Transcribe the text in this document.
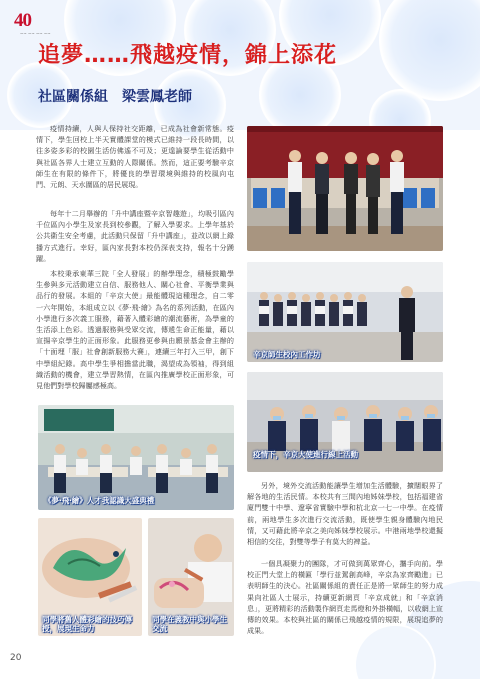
40
~~ ~~ ~~ ~~
追夢……飛越疫情，錦上添花
社區關係組　梁雲鳳老師

疫情持續，人與人保持社交距離，已成為社會新常態。疫情下，學生回校上半天實體課堂的模式已維持一段長時間，以往多姿多彩的校園生活仿佛遙不可及；更遑論要學生從活動中與社區各界人士建立互動的人際關係。然而，這正要考驗辛京師生在有限的條件下，將優良的學習環境與維持的校風向屯門、元朗、天水圍區的居民展現。

每年十二月舉辦的「升中講座暨辛京智趣遊」，均吸引區內千位區內小學生及家長到校參觀，了解入學要求。上學年基於公共衞生安全考慮，此活動只保留「升中講座」，並改以網上錄播方式進行。幸好，區內家長對本校仍深表支持，報名十分踴躍。

本校秉承東華三院「全人發展」的辦學理念，積極鼓勵學生參與多元活動建立自信、服務他人、關心社會、平衡學業與品行的發展。本組的「辛京大使」最能體現這種理念，自二零一六年開始，本組成立以《夢‧飛‧繪》為名的系列活動，在區內小學進行多次義工服務，藉著入體彩繪的潮流藝術，為學童的生活添上色彩。透過服務與受眾交流，傳遞生命正能量，藉以宣揚辛京學生的正面形象。此服務更參與由願景基金會主辦的「十面埋「服」社會創新服務大賽」，連續三年打入三甲，創下中學組紀錄。高中學生爭相擔當此職，渴望成為領袖，得到組織活動的機會，建立學習熱情，在區內推廣學校正面形象，可見他們對學校歸屬感極高。

辛京師生校內工作坊
疫情下，辛京大使進行線上活動
《夢‧飛‧繪》人才我認識大盛典禮
同學將舊人體彩繪的技巧傳授，展現生命力
同學在義教中與小學生交流

另外，境外交流活動能讓學生增加生活體驗，擴闊眼界了解各地的生活民情。本校共有三間內地姊妹學校，包括福建省廈門雙十中學、遼寧省實驗中學和杭北京一七一中學。在疫情前，兩地學生多次進行交流活動，既使學生親身體驗內地民情，又可藉此將辛京之美向姊妹學校展示。中港兩地學校還擬相信的交往，對雙等學子有莫大的裨益。

一個具凝聚力的團隊，才可做到萬眾齊心，攜手向前。學校正門大堂上的橫匾「學行並駕創高峰，辛京為家齊勵進」已表明師生的決心。社區關係組的責任正是將一眾師生的努力成果向社區人士展示，持續更新網頁「辛京成就」和「辛京消息」，更將精彩的活動製作網頁走馬燈和外掛橫幅，以收網上宣傳的效果。本校與社區的關係已飛越疫情的規限，展現追夢的成果。

20
